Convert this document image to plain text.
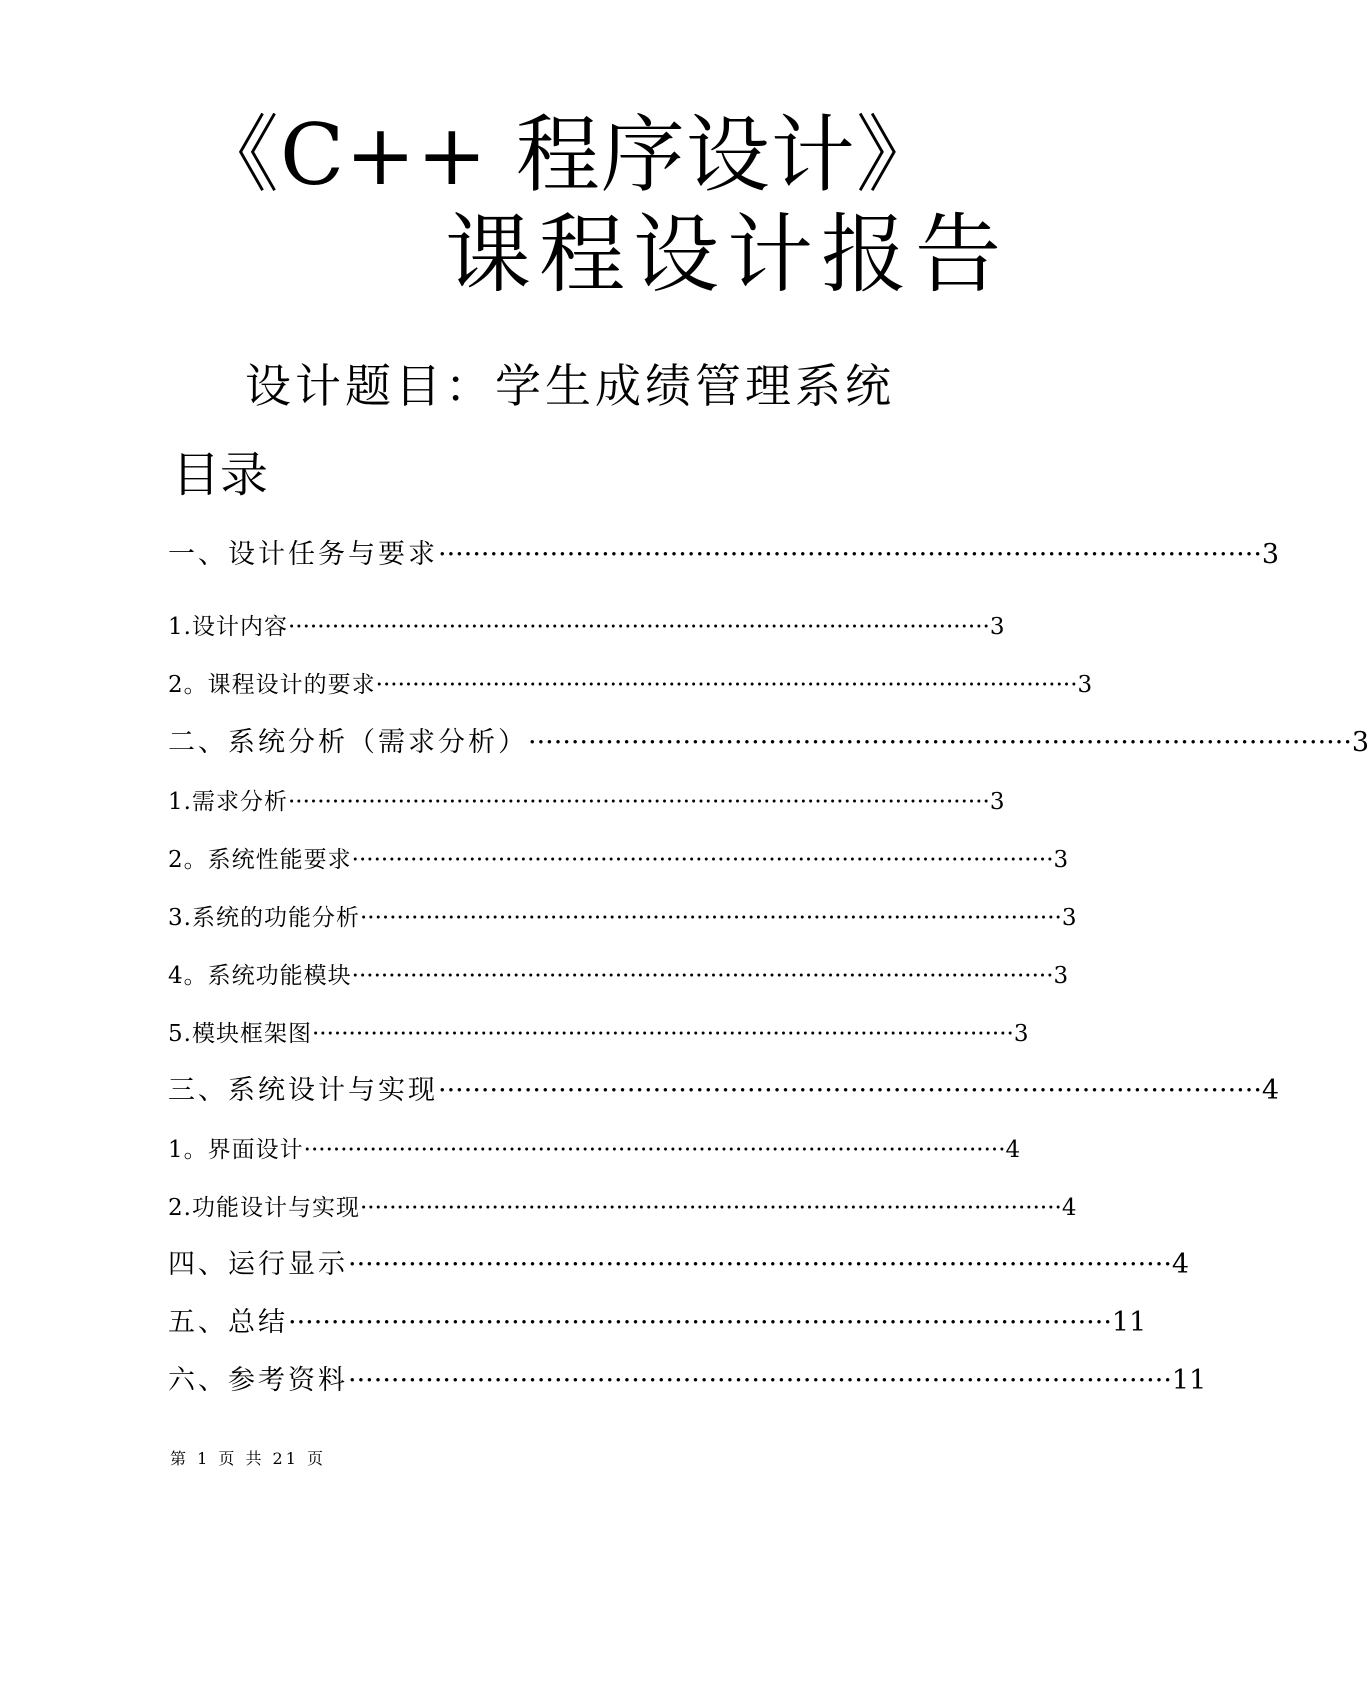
《C++ 程序设计》
课程设计报告
设计题目：学生成绩管理系统
目录
一、设计任务与要求 ································································································ 3
1.设计内容 ································································································ 3
2。课程设计的要求 ································································································ 3
二、系统分析（需求分析） ································································································ 3
1.需求分析 ································································································ 3
2。系统性能要求 ································································································ 3
3.系统的功能分析 ································································································ 3
4。系统功能模块 ································································································ 3
5.模块框架图 ································································································ 3
三、系统设计与实现 ································································································ 4
1。界面设计 ································································································ 4
2.功能设计与实现 ································································································ 4
四、运行显示 ································································································ 4
五、总结 ································································································ 11
六、参考资料 ································································································ 11
第 1 页 共 21 页
